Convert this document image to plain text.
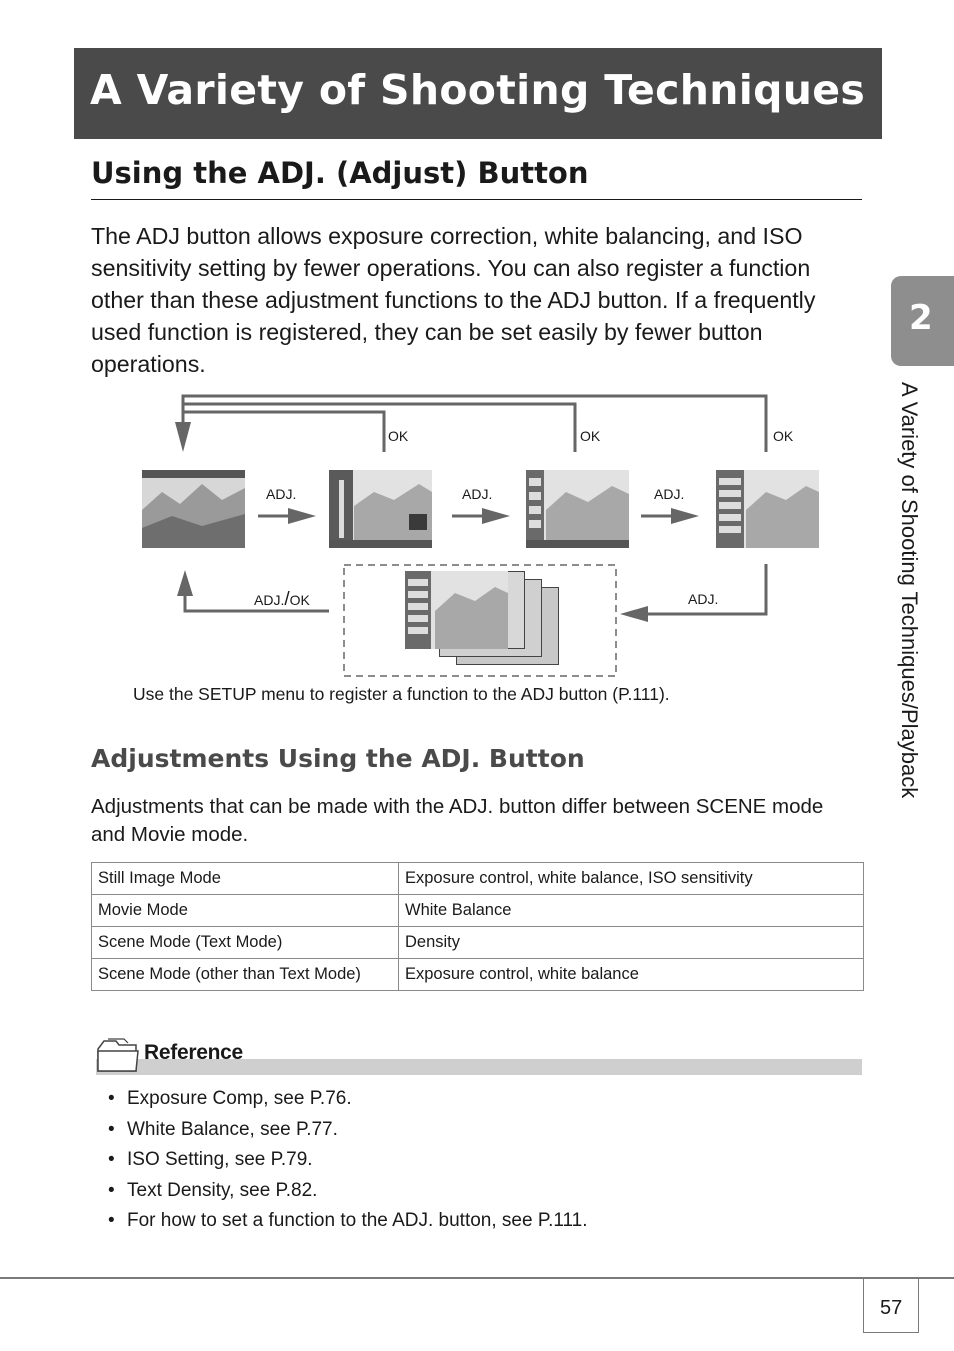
A Variety of Shooting Techniques
Using the ADJ. (Adjust) Button

The ADJ button allows exposure correction, white balancing, and ISO sensitivity setting by fewer operations. You can also register a function other than these adjustment functions to the ADJ button. If a frequently used function is registered, they can be set easily by fewer button operations.

2
A Variety of Shooting Techniques/Playback
OK	OK	OK
ADJ.	ADJ.	ADJ.
ADJ.
ADJ./OK
Use the SETUP menu to register a function to the ADJ button (P.111).
Adjustments Using the ADJ. Button

Adjustments that can be made with the ADJ. button differ between SCENE mode and Movie mode.

Still Image Mode	Exposure control, white balance, ISO sensitivity
Movie Mode	White Balance
Scene Mode (Text Mode)	Density
Scene Mode (other than Text Mode)	Exposure control, white balance
Reference
• Exposure Comp, see P.76.
• White Balance, see P.77.
• ISO Setting, see P.79.
• Text Density, see P.82.
• For how to set a function to the ADJ. button, see P.111.
57
